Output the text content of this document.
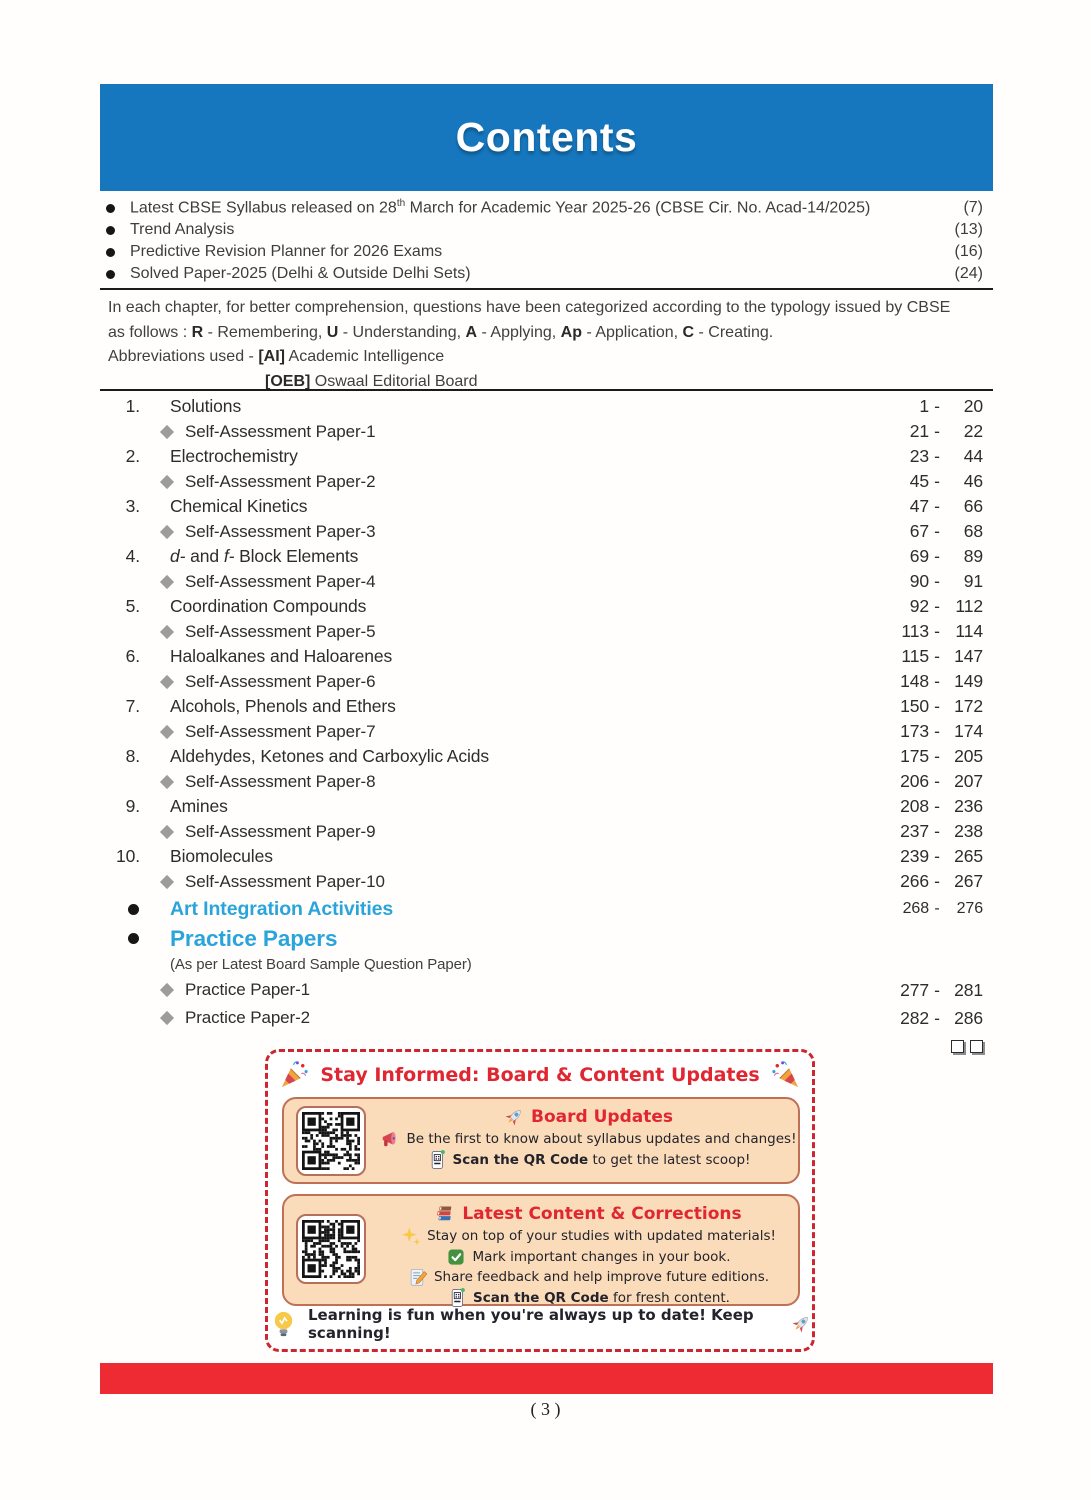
Contents
Latest CBSE Syllabus released on 28th March for Academic Year 2025-26 (CBSE Cir. No. Acad-14/2025)	(7)
Trend Analysis	(13)
Predictive Revision Planner for 2026 Exams	(16)
Solved Paper-2025 (Delhi & Outside Delhi Sets)	(24)
In each chapter, for better comprehension, questions have been categorized according to the typology issued by CBSE
as follows : R - Remembering, U - Understanding, A - Applying, Ap - Application, C - Creating.
Abbreviations used - [AI] Academic Intelligence
[OEB] Oswaal Editorial Board
1. Solutions	1 -	20
Self-Assessment Paper-1	21 -	22
2. Electrochemistry	23 -	44
Self-Assessment Paper-2	45 -	46
3. Chemical Kinetics	47 -	66
Self-Assessment Paper-3	67 -	68
4. d- and f- Block Elements	69 -	89
Self-Assessment Paper-4	90 -	91
5. Coordination Compounds	92 - 112
Self-Assessment Paper-5	113 - 114
6. Haloalkanes and Haloarenes	115 - 147
Self-Assessment Paper-6	148 - 149
7. Alcohols, Phenols and Ethers	150 - 172
Self-Assessment Paper-7	173 - 174
8. Aldehydes, Ketones and Carboxylic Acids	175 - 205
Self-Assessment Paper-8	206 - 207
9. Amines	208 - 236
Self-Assessment Paper-9	237 - 238
10. Biomolecules	239 - 265
Self-Assessment Paper-10	266 - 267
Art Integration Activities	268 -	276
Practice Papers
(As per Latest Board Sample Question Paper)
Practice Paper-1	277 - 281
Practice Paper-2	282 - 286
Stay Informed: Board & Content Updates
Board Updates
Be the first to know about syllabus updates and changes!
Scan the QR Code to get the latest scoop!
Latest Content & Corrections
Stay on top of your studies with updated materials!
Mark important changes in your book.
Share feedback and help improve future editions.
Scan the QR Code for fresh content.
Learning is fun when you're always up to date! Keep scanning!
( 3 )
